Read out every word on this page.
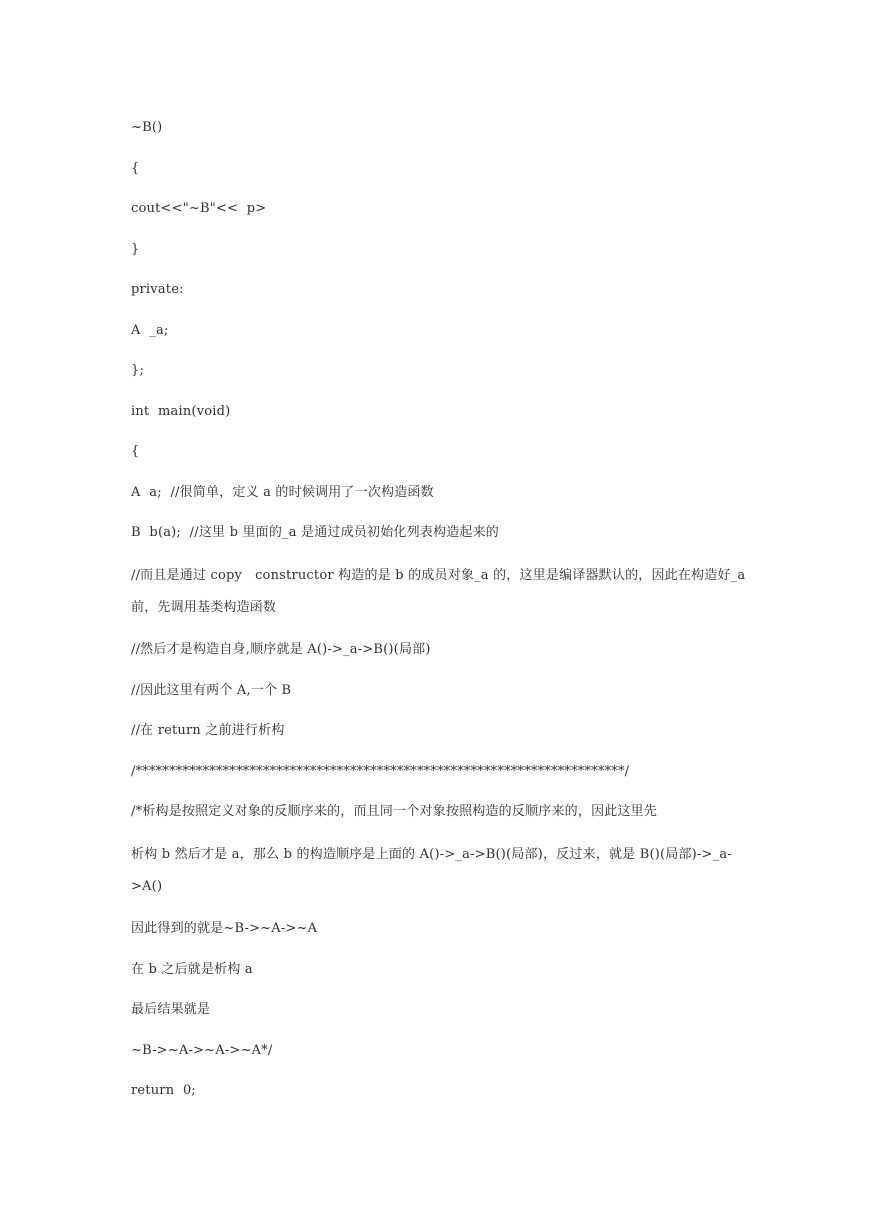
~B()
{
cout<<"~B"<<  p>
}
private:
A  _a;
};
int  main(void)
{
A  a;  //很简单，定义 a 的时候调用了一次构造函数
B  b(a);  //这里 b 里面的_a 是通过成员初始化列表构造起来的
//而且是通过 copy   constructor 构造的是 b 的成员对象_a 的，这里是编译器默认的，因此在构造好_a 前，先调用基类构造函数
//然后才是构造自身,顺序就是 A()->_a->B()(局部)
//因此这里有两个 A,一个 B
//在 return 之前进行析构
/*************************************************************************/
/*析构是按照定义对象的反顺序来的，而且同一个对象按照构造的反顺序来的，因此这里先
析构 b 然后才是 a，那么 b 的构造顺序是上面的 A()->_a->B()(局部)，反过来，就是 B()(局部)->_a->A()
因此得到的就是~B->~A->~A
在 b 之后就是析构 a
最后结果就是
~B->~A->~A->~A*/
return  0;
